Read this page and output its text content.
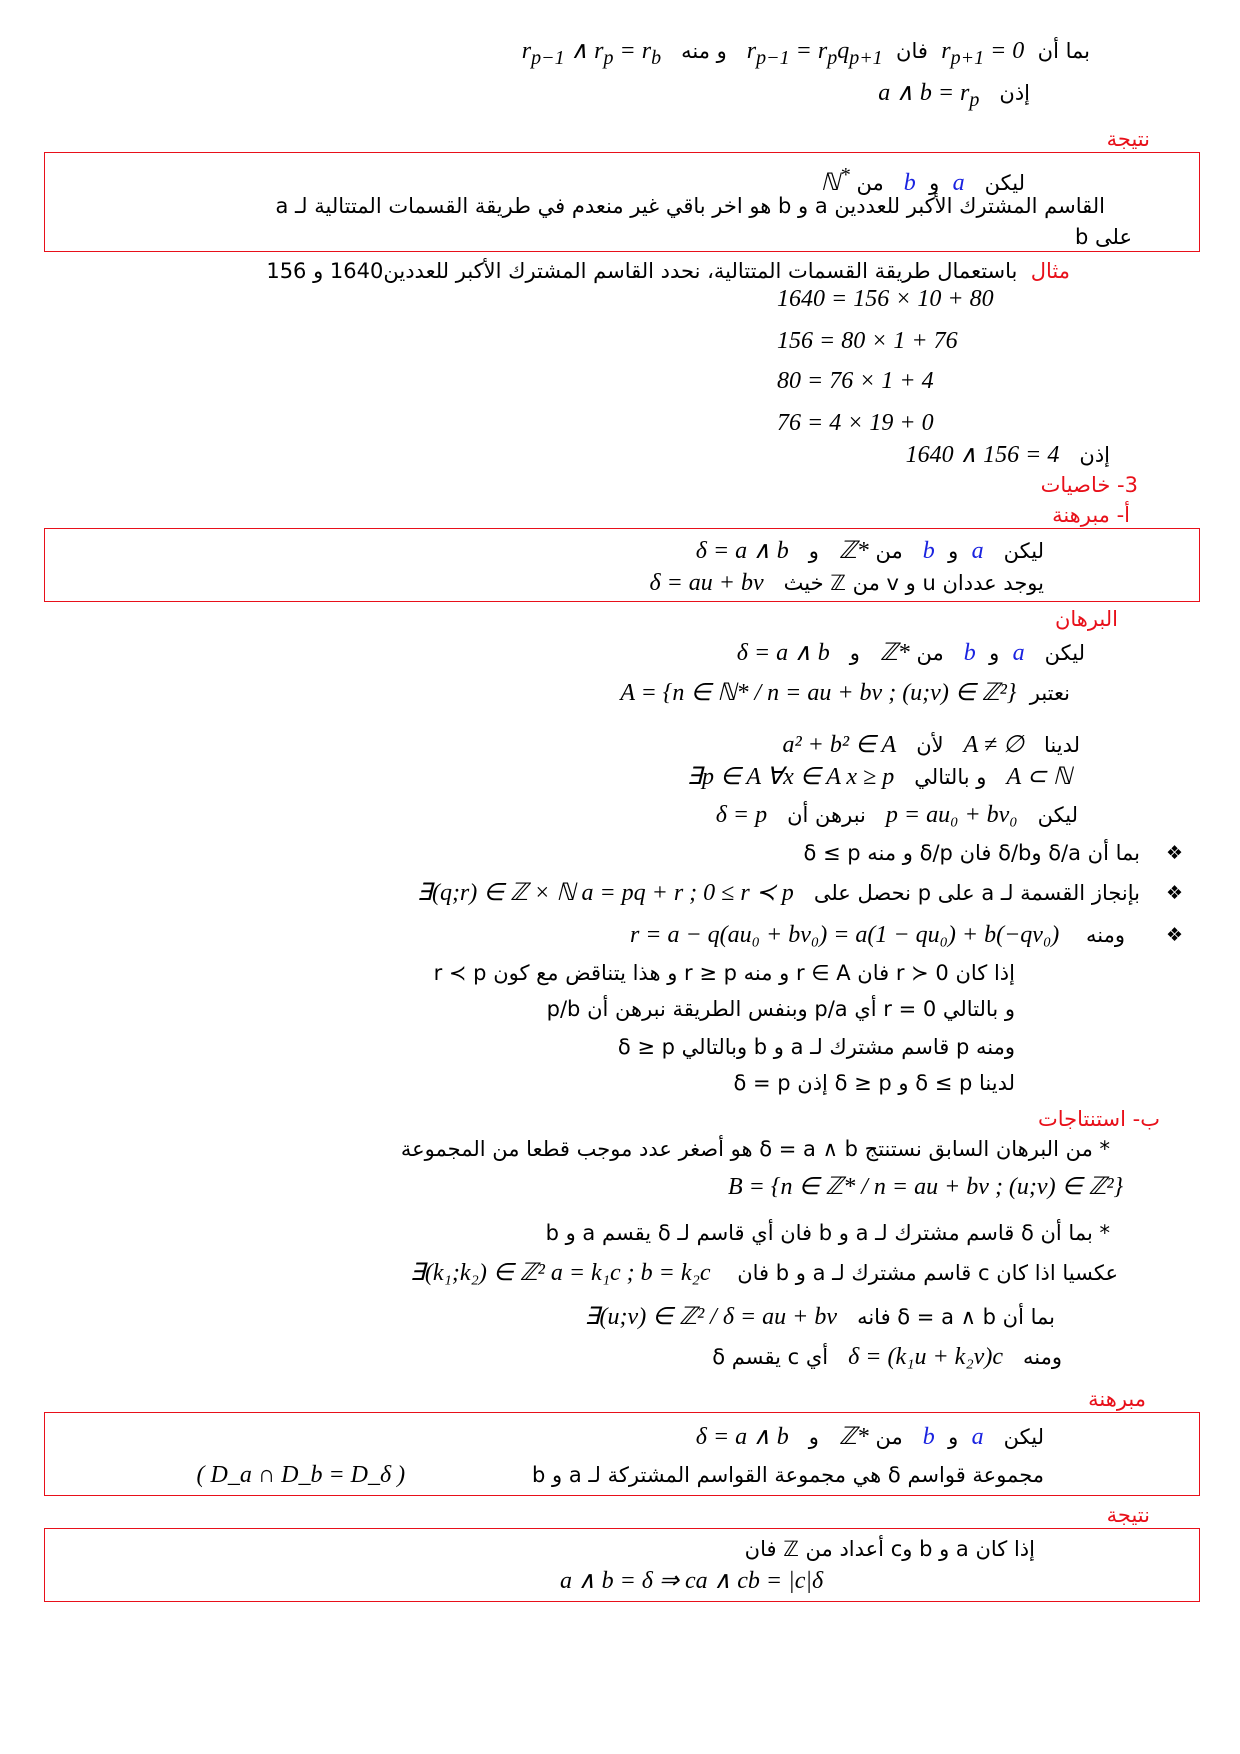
بما أن  $r_{p+1} = 0$  فان  $r_{p-1} = r_pq_{p+1}$   و منه   $r_{p-1}$ ∧ $r_p = r_b$
إذن   a ∧ $b = r_p$
نتيجة
ليكن   a  و  b   من ℕ*
القاسم المشترك الأكبر للعددين a و b هو اخر باقي غير منعدم في طريقة القسمات المتتالية لـ a
على b
مثال  باستعمال طريقة القسمات المتتالية، نحدد القاسم المشترك الأكبر للعددين1640 و 156
1640 = 156 × 10 + 80
156 = 80 × 1 + 76
80 = 76 × 1 + 4
76 = 4 × 19 + 0
إذن   1640 ∧ 156 = 4
3- خاصيات
أ- مبرهنة
ليكن   a  و  b   من ℤ*   و   δ = a ∧ b
يوجد عددان u و v من ℤ خيث   δ = au + bv
البرهان
ليكن   a  و  b   من ℤ*   و   δ = a ∧ b
نعتبر  A = {n ∈ ℕ* / n = au + bv ; (u;v) ∈ ℤ²}
لدينا   A ≠ ∅   لأن   a² + b² ∈ A
A ⊂ ℕ   و بالتالي   ∃p ∈ A ∀x ∈ A x ≥ p
ليكن   p = au₀ + bv₀   نبرهن أن   δ = p
❖
بما أن δ/a وδ/b فان δ/p و منه δ ≤ p
❖
بإنجاز القسمة لـ a على p نحصل على   ∃(q;r) ∈ ℤ × ℕ a = pq + r ; 0 ≤ r ≺ p
❖
ومنه    r = a − q(au₀ + bv₀) = a(1 − qu₀) + b(−qv₀)
إذا كان r ≻ 0 فان r ∈ A و منه r ≥ p و هذا يتناقض مع كون r ≺ p
و بالتالي r = 0 أي p/a وبنفس الطريقة نبرهن أن p/b
ومنه p قاسم مشترك لـ a و b وبالتالي δ ≥ p
لدينا δ ≤ p و δ ≥ p إذن δ = p
ب- استنتاجات
* من البرهان السابق نستنتج δ = a ∧ b هو أصغر عدد موجب قطعا من المجموعة
B = {n ∈ ℤ* / n = au + bv ; (u;v) ∈ ℤ²}
* بما أن δ قاسم مشترك لـ a و b فان أي قاسم لـ δ يقسم a و b
عكسيا اذا كان c قاسم مشترك لـ a و b فان    ∃(k₁;k₂) ∈ ℤ² a = k₁c ; b = k₂c
بما أن δ = a ∧ b فانه   ∃(u;v) ∈ ℤ² / δ = au + bv
ومنه   δ = (k₁u + k₂v)c   أي c يقسم δ
مبرهنة
ليكن   a  و  b   من ℤ*   و   δ = a ∧ b
مجموعة قواسم δ هي مجموعة القواسم المشتركة لـ a و b                   ( D_a ∩ D_b = D_δ )
نتيجة
إذا كان a و b وc أعداد من ℤ فان
a ∧ b = δ ⇒ ca ∧ cb = |c|δ
